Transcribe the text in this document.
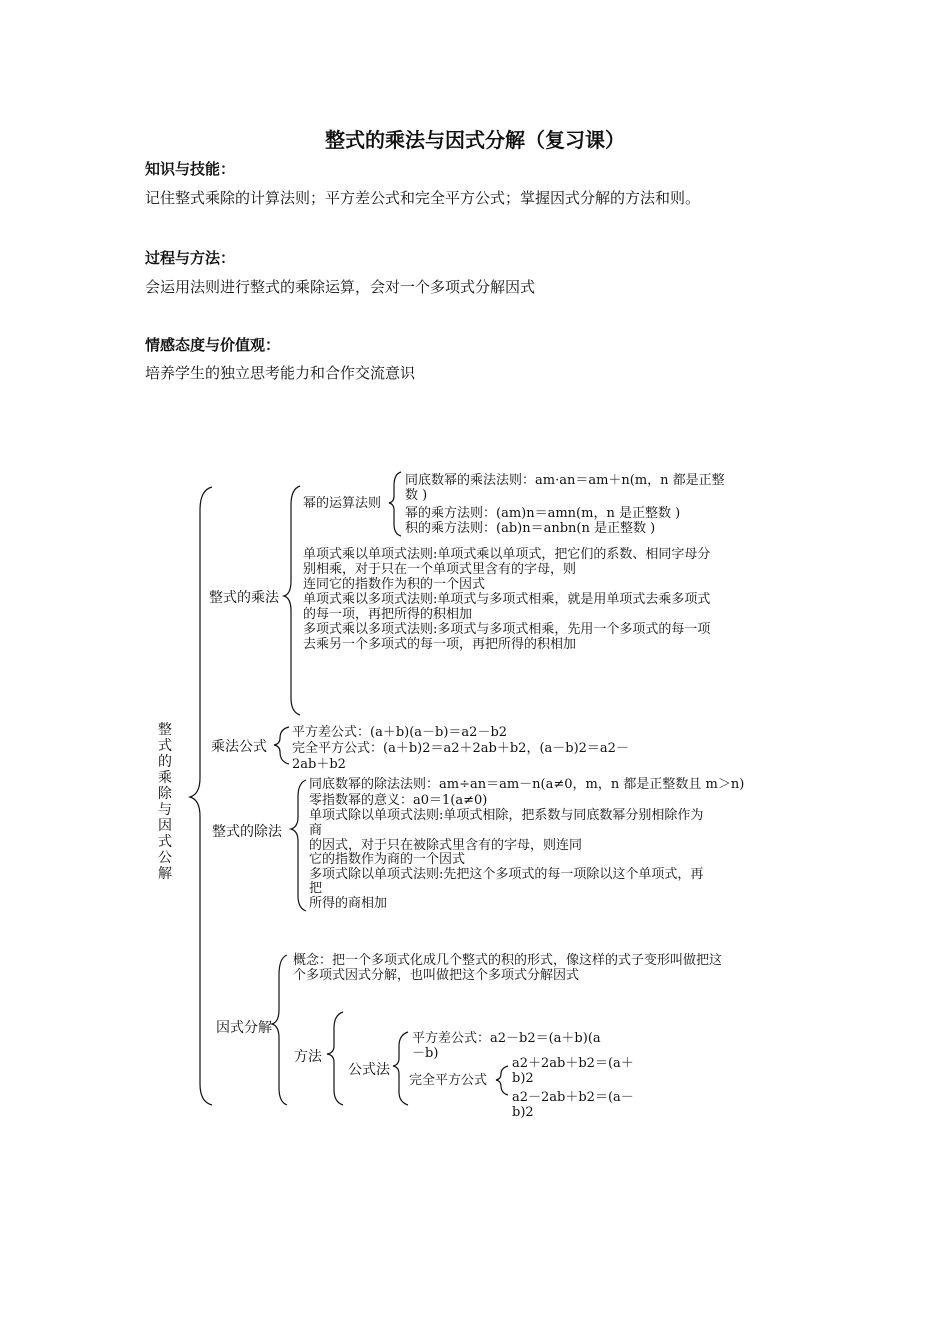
整式的乘法与因式分解（复习课）
知识与技能：
记住整式乘除的计算法则；平方差公式和完全平方公式；掌握因式分解的方法和则。
过程与方法：
会运用法则进行整式的乘除运算，会对一个多项式分解因式
情感态度与价值观：
培养学生的独立思考能力和合作交流意识
整式的乘除与因式公解
整式的乘法
幂的运算法则
同底数幂的乘法法则：am·an＝am＋n(m，n 都是正整
数 )
幂的乘方法则：(am)n＝amn(m，n 是正整数 )
积的乘方法则：(ab)n＝anbn(n 是正整数 )
单项式乘以单项式法则:单项式乘以单项式，把它们的系数、相同字母分
别相乘，对于只在一个单项式里含有的字母，则
连同它的指数作为积的一个因式
单项式乘以多项式法则:单项式与多项式相乘，就是用单项式去乘多项式
的每一项，再把所得的积相加
多项式乘以多项式法则:多项式与多项式相乘，先用一个多项式的每一项
去乘另一个多项式的每一项，再把所得的积相加
乘法公式
平方差公式：(a＋b)(a－b)＝a2－b2
完全平方公式：(a＋b)2＝a2＋2ab＋b2，(a－b)2＝a2－
2ab＋b2
整式的除法
同底数幂的除法法则：am÷an＝am－n(a≠0，m，n 都是正整数且 m＞n)
零指数幂的意义：a0＝1(a≠0)
单项式除以单项式法则:单项式相除，把系数与同底数幂分别相除作为
商
的因式，对于只在被除式里含有的字母，则连同
它的指数作为商的一个因式
多项式除以单项式法则:先把这个多项式的每一项除以这个单项式，再
把
所得的商相加
因式分解
概念：把一个多项式化成几个整式的积的形式，像这样的式子变形叫做把这
个多项式因式分解，也叫做把这个多项式分解因式
方法
公式法
平方差公式：a2－b2＝(a＋b)(a
－b)
完全平方公式
a2＋2ab＋b2＝(a＋
b)2
a2－2ab＋b2＝(a－
b)2
